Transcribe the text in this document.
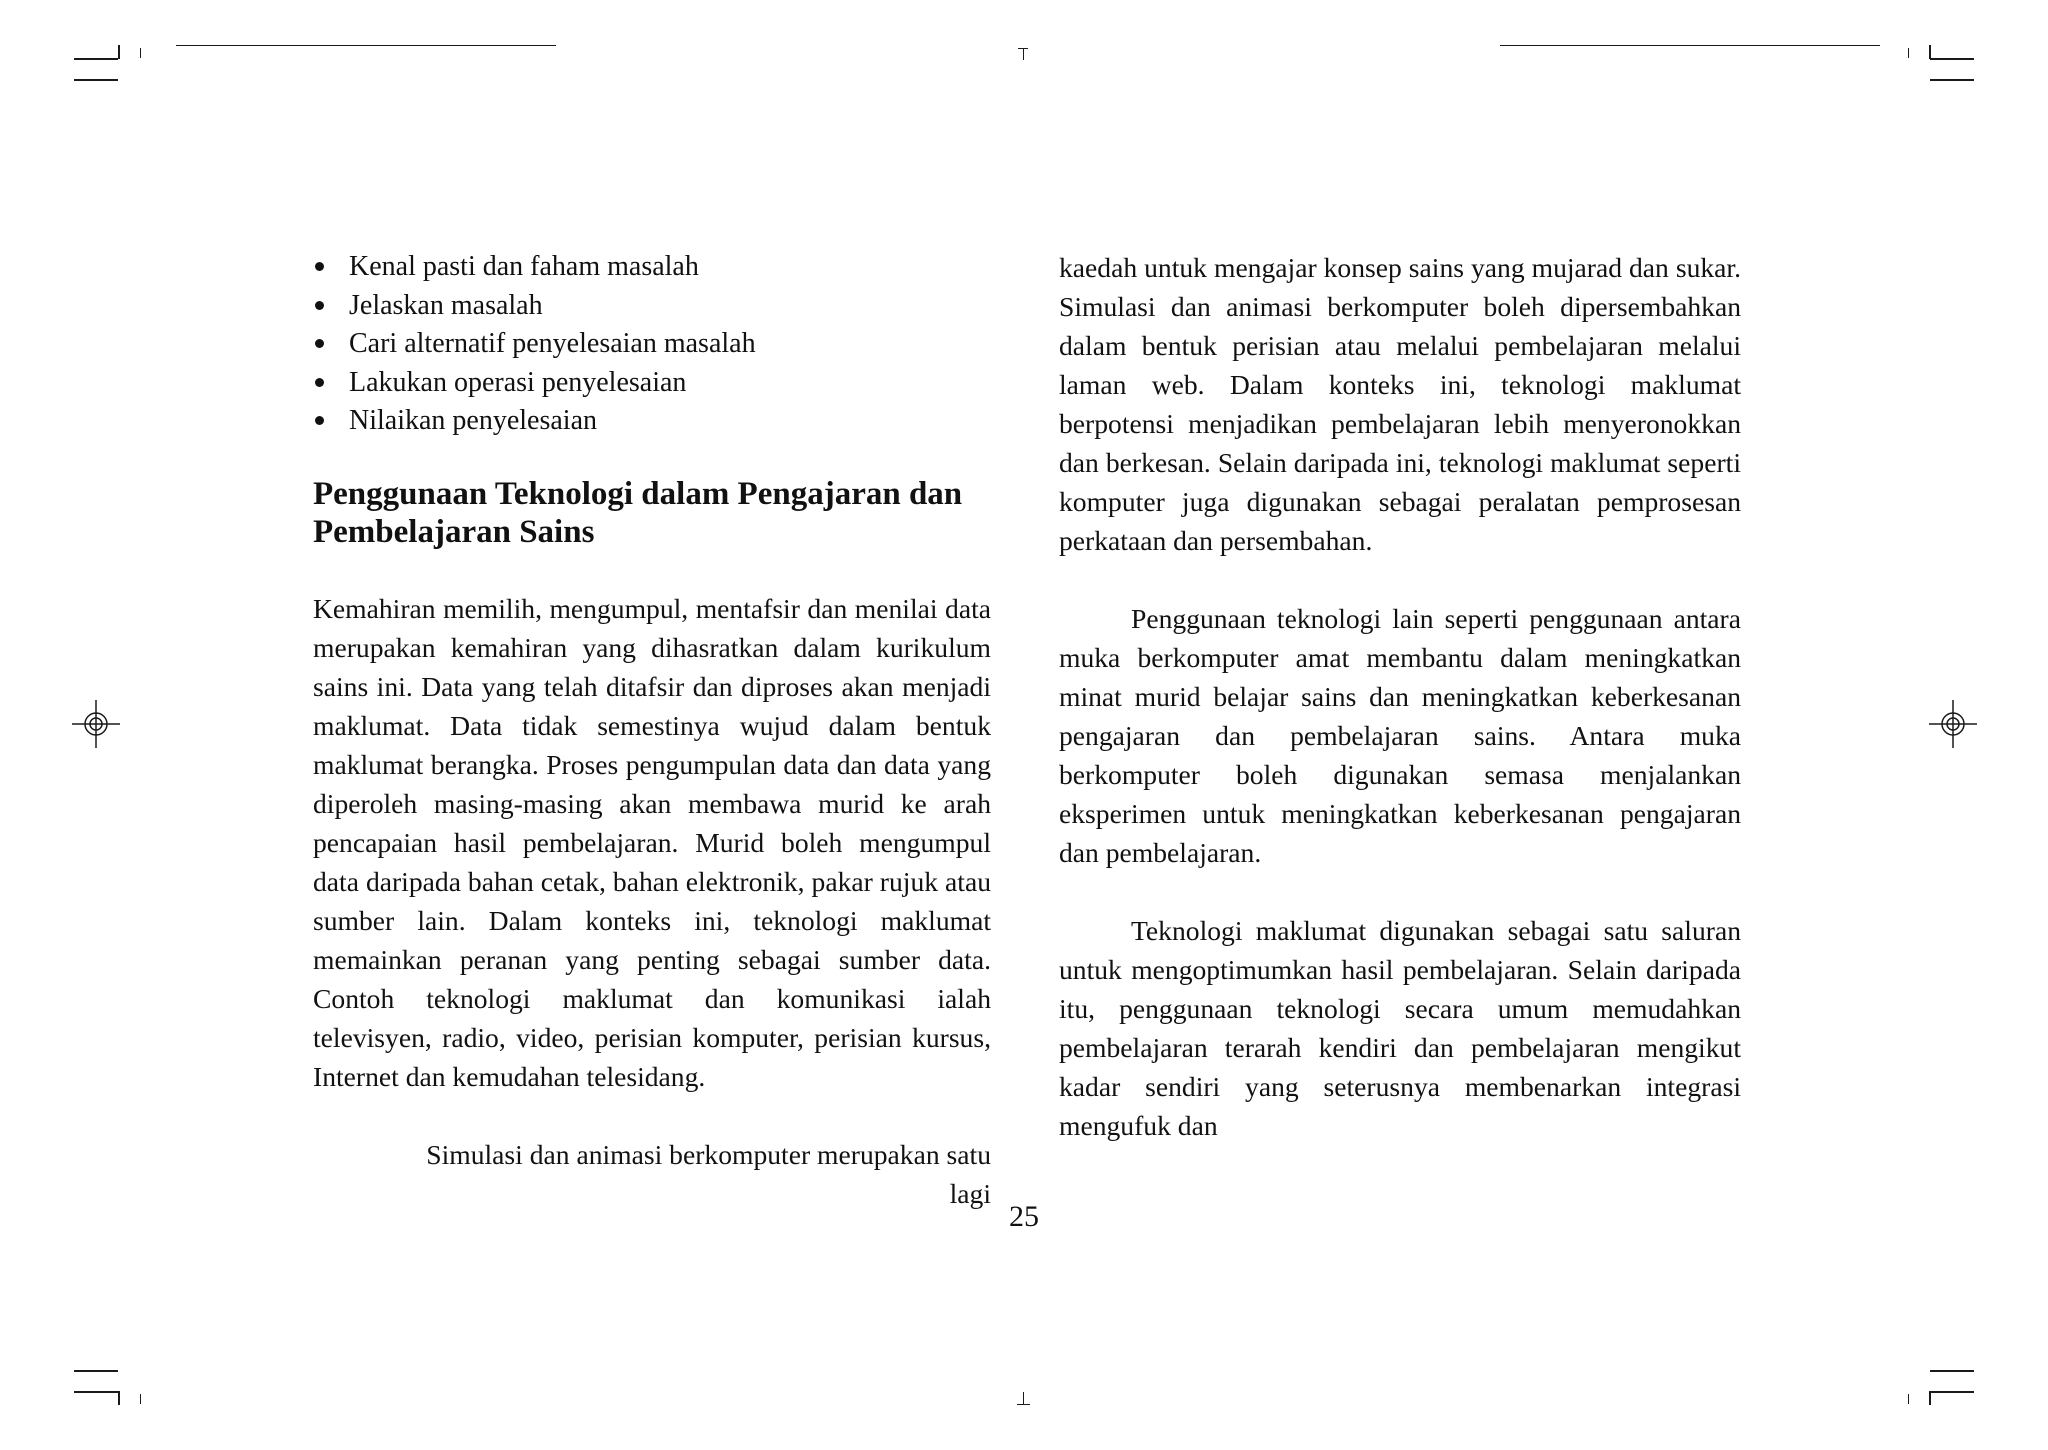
Kenal pasti dan faham masalah
Jelaskan masalah
Cari alternatif penyelesaian masalah
Lakukan operasi penyelesaian
Nilaikan penyelesaian
Penggunaan Teknologi dalam Pengajaran dan Pembelajaran Sains

Kemahiran memilih, mengumpul, mentafsir dan menilai data merupakan kemahiran yang dihasratkan dalam kurikulum sains ini. Data yang telah ditafsir dan diproses akan menjadi maklumat. Data tidak semestinya wujud dalam bentuk maklumat berangka. Proses pengumpulan data dan data yang diperoleh masing-masing akan membawa murid ke arah pencapaian hasil pembelajaran. Murid boleh mengumpul data daripada bahan cetak, bahan elektronik, pakar rujuk atau sumber lain. Dalam konteks ini, teknologi maklumat memainkan peranan yang penting sebagai sumber data. Contoh teknologi maklumat dan komunikasi ialah televisyen, radio, video, perisian komputer, perisian kursus, Internet dan kemudahan telesidang.

Simulasi dan animasi berkomputer merupakan satu lagi

kaedah untuk mengajar konsep sains yang mujarad dan sukar. Simulasi dan animasi berkomputer boleh dipersembahkan dalam bentuk perisian atau melalui pembelajaran melalui laman web. Dalam konteks ini, teknologi maklumat berpotensi menjadikan pembelajaran lebih menyeronokkan dan berkesan. Selain daripada ini, teknologi maklumat seperti komputer juga digunakan sebagai peralatan pemprosesan perkataan dan persembahan.

Penggunaan teknologi lain seperti penggunaan antara muka berkomputer amat membantu dalam meningkatkan minat murid belajar sains dan meningkatkan keberkesanan pengajaran dan pembelajaran sains. Antara muka berkomputer boleh digunakan semasa menjalankan eksperimen untuk meningkatkan keberkesanan pengajaran dan pembelajaran.

Teknologi maklumat digunakan sebagai satu saluran untuk mengoptimumkan hasil pembelajaran. Selain daripada itu, penggunaan teknologi secara umum memudahkan pembelajaran terarah kendiri dan pembelajaran mengikut kadar sendiri yang seterusnya membenarkan integrasi mengufuk dan

25
